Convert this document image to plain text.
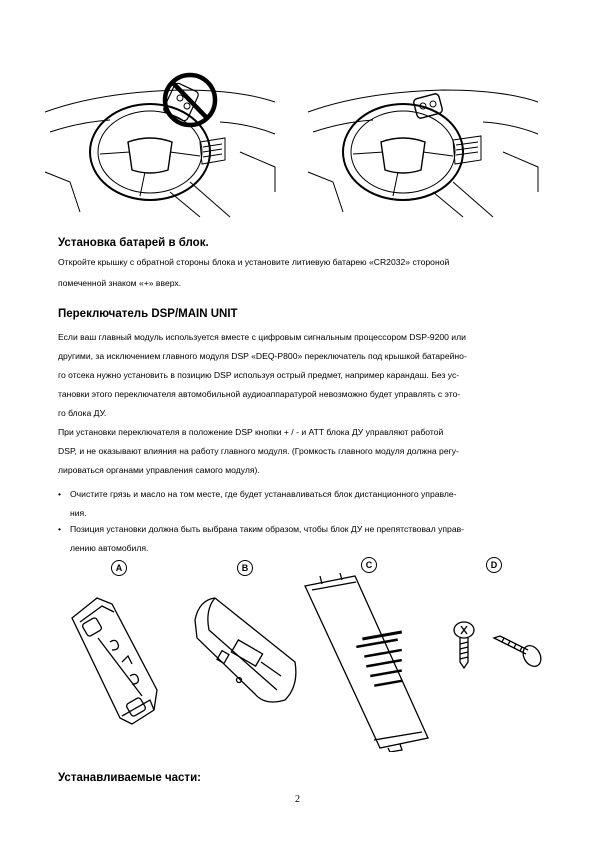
Установка батарей в блок.
Откройте крышку с обратной стороны блока и установите литиевую батарею «CR2032» стороной
помеченной знаком «+» вверх.
Переключатель DSP/MAIN UNIT
Если ваш главный модуль используется вместе с цифровым сигнальным процессором DSP-9200 или
другими, за исключением главного модуля DSP «DEQ-P800» переключатель под крышкой батарейно-
го отсека нужно установить в позицию DSP используя острый предмет, например карандаш. Без ус-
тановки этого переключателя автомобильной аудиоаппаратурой невозможно будет управлять с это-
го блока ДУ.
При установки переключателя в положение DSP кнопки + / - и ATT блока ДУ управляют работой
DSP, и не оказывают влияния на работу главного модуля. (Громкость главного модуля должна регу-
лироваться органами управления самого модуля).
• Очистите грязь и масло на том месте, где будет устанавливаться блок дистанционного управле-
ния.
• Позиция установки должна быть выбрана таким образом, чтобы блок ДУ не препятствовал управ-
лению автомобиля.
A	B	C	D
Устанавливаемые части:
2
